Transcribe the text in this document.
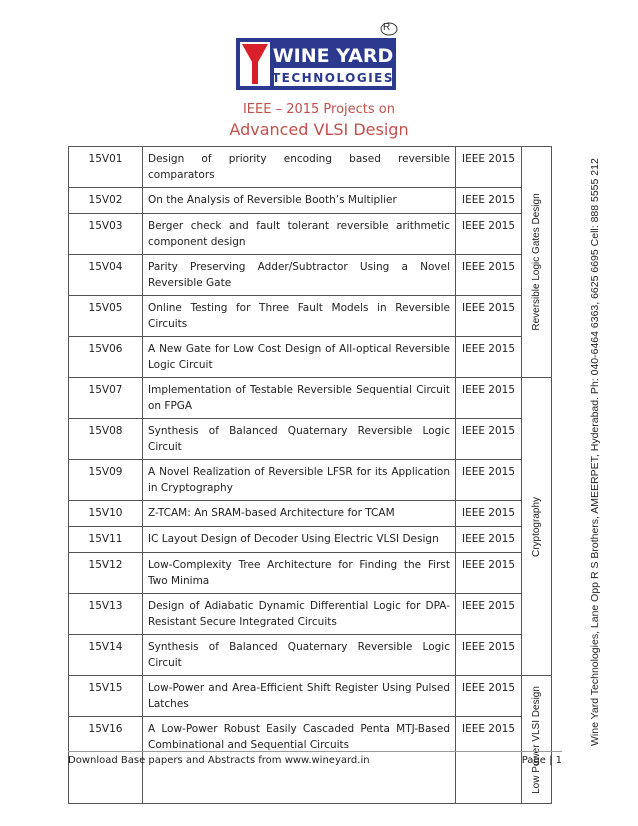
WINE YARD
TECHNOLOGIES
R
IEEE – 2015 Projects on
Advanced VLSI Design
15V01	Design of priority encoding based reversible comparators	IEEE 2015	Reversible Logic Gates Design

15V02	On the Analysis of Reversible Booth’s Multiplier	IEEE 2015	
15V03	Berger check and fault tolerant reversible arithmetic component design	IEEE 2015	
15V04	Parity Preserving Adder/Subtractor Using a Novel Reversible Gate	IEEE 2015	
15V05	Online Testing for Three Fault Models in Reversible Circuits	IEEE 2015	
15V06	A New Gate for Low Cost Design of All-optical Reversible Logic Circuit	IEEE 2015	
15V07	Implementation of Testable Reversible Sequential Circuit on FPGA	IEEE 2015	Cryptography

15V08	Synthesis of Balanced Quaternary Reversible Logic Circuit	IEEE 2015	
15V09	A Novel Realization of Reversible LFSR for its Application in Cryptography	IEEE 2015	
15V10	Z-TCAM: An SRAM-based Architecture for TCAM	IEEE 2015	
15V11	IC Layout Design of Decoder Using Electric VLSI Design	IEEE 2015	
15V12	Low-Complexity Tree Architecture for Finding the First Two Minima	IEEE 2015	
15V13	Design of Adiabatic Dynamic Differential Logic for DPA-Resistant Secure Integrated Circuits	IEEE 2015	
15V14	Synthesis of Balanced Quaternary Reversible Logic Circuit	IEEE 2015	
15V15	Low-Power and Area-Efficient Shift Register Using Pulsed Latches	IEEE 2015	Low Power VLSI Design

15V16	A Low-Power Robust Easily Cascaded Penta MTJ-Based Combinational and Sequential Circuits	IEEE 2015		Wine Yard Technologies, Lane Opp R S Brothers, AMEERPET, Hyderabad. Ph: 040-6464 6363, 6625 6695 Cell: 888 5555 212
Download Base papers and Abstracts from www.wineyard.in	Page | 1
